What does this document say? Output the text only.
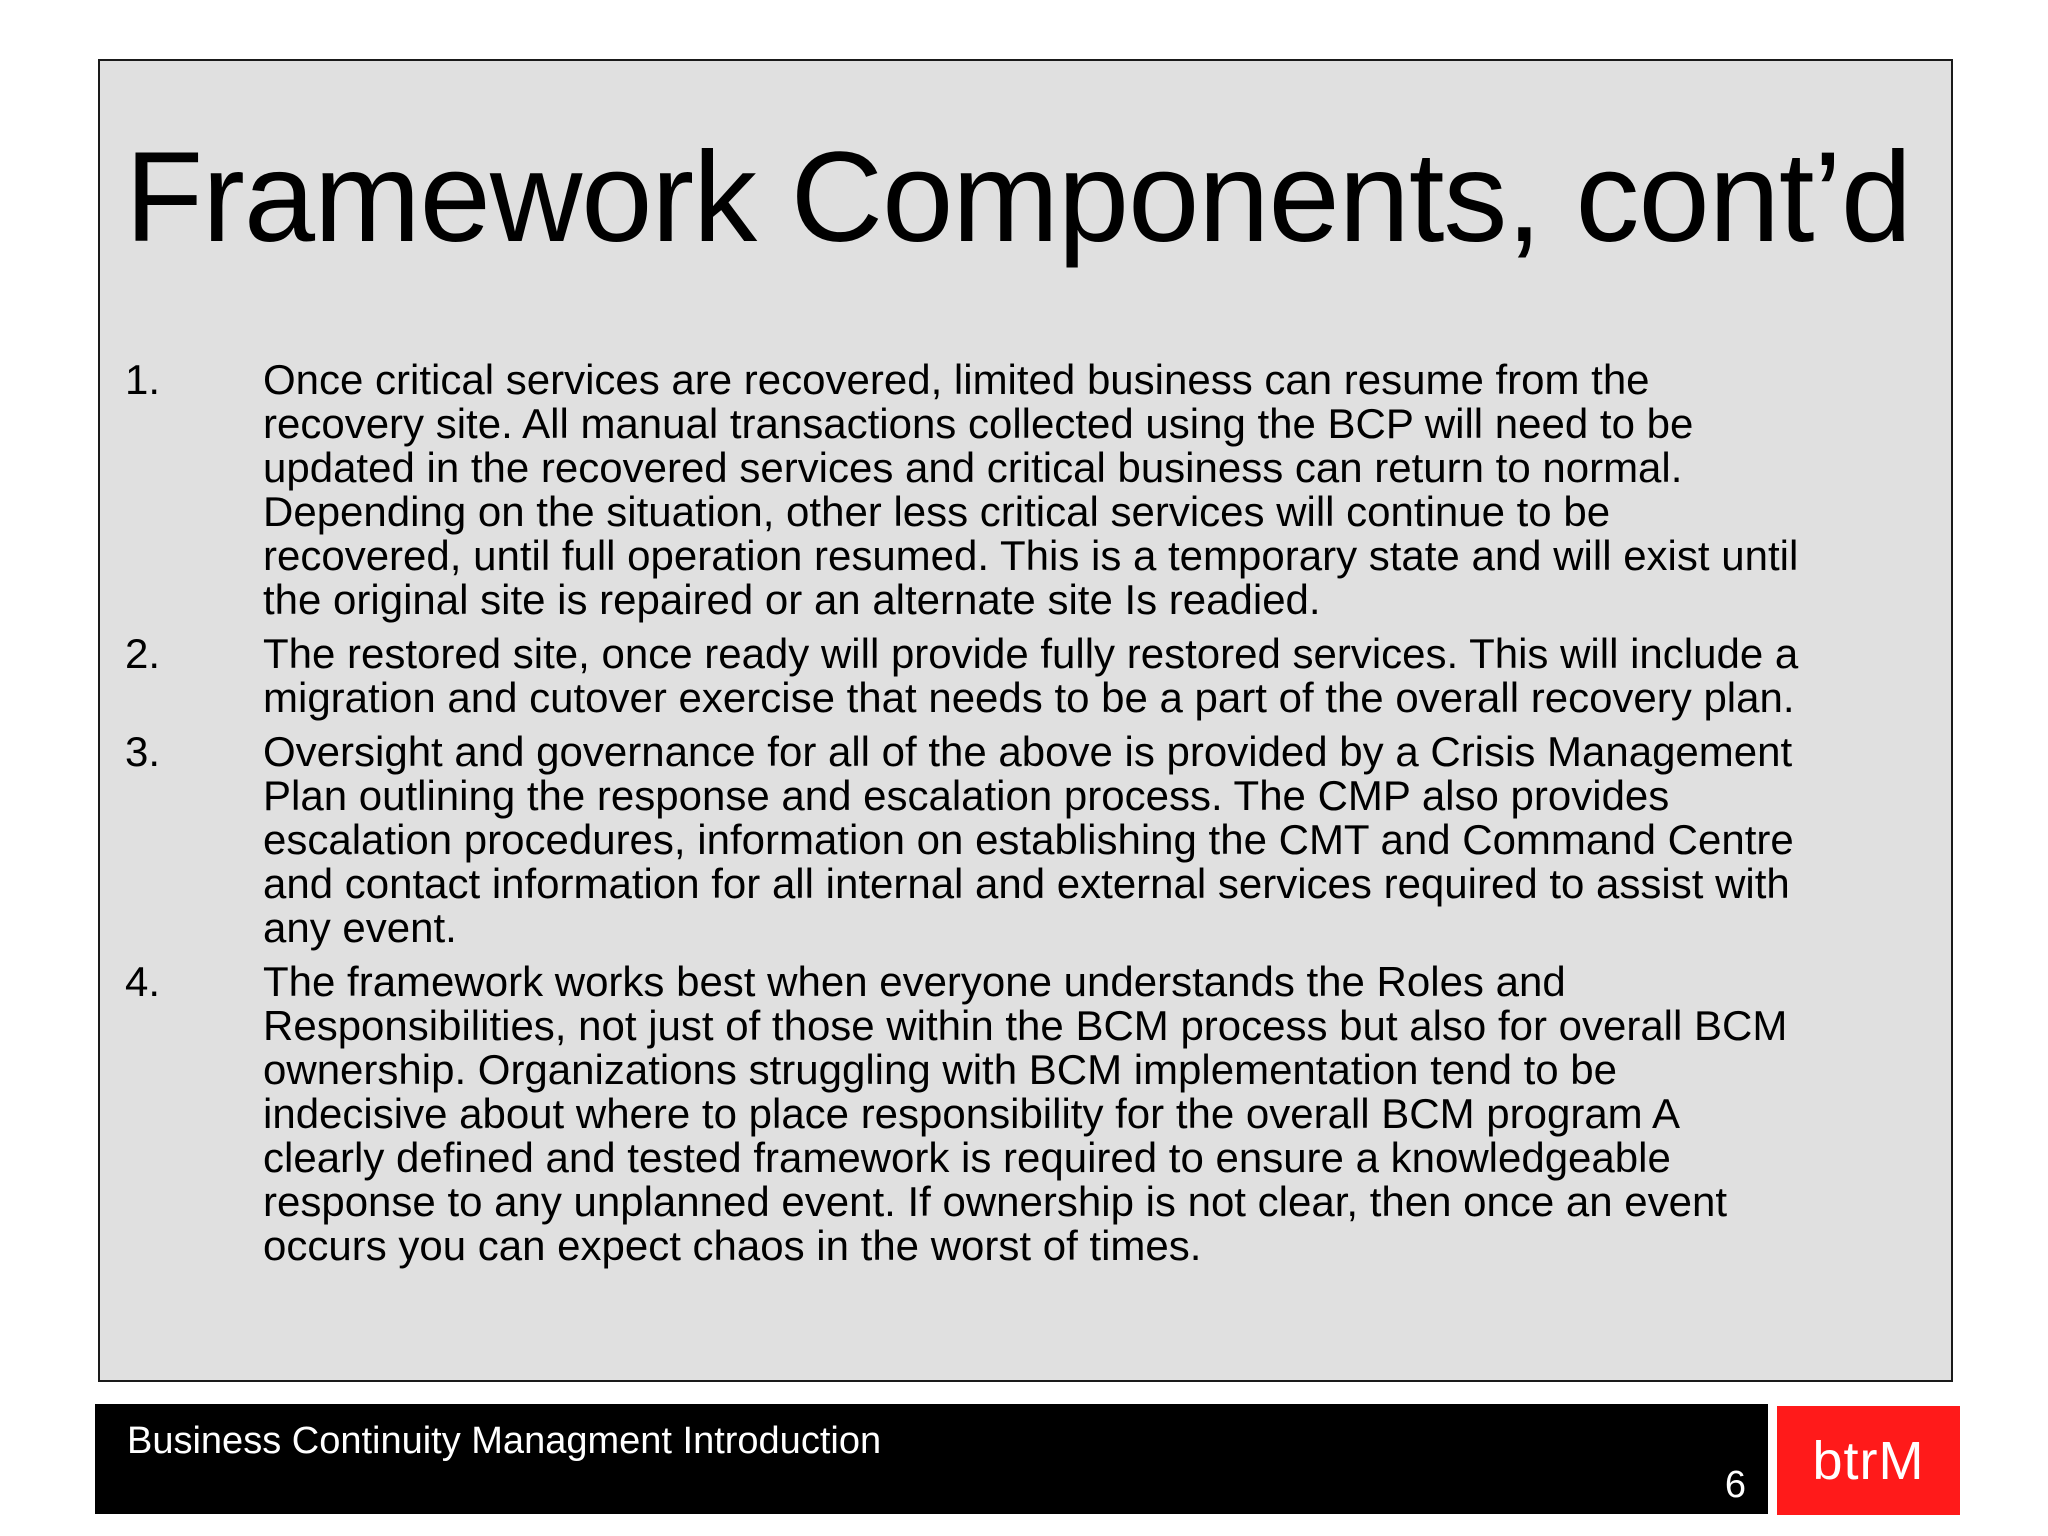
Framework Components, cont’d
1.	Once critical services are recovered, limited business can resume from the
recovery site. All manual transactions collected using the BCP will need to be
updated in the recovered services and critical business can return to normal.
Depending on the situation, other less critical services will continue to be
recovered, until full operation resumed. This is a temporary state and will exist until
the original site is repaired or an alternate site Is readied.
2.	The restored site, once ready will provide fully restored services. This will include a
migration and cutover exercise that needs to be a part of the overall recovery plan.
3.	Oversight and governance for all of the above is provided by a Crisis Management
Plan outlining the response and escalation process. The CMP also provides
escalation procedures, information on establishing the CMT and Command Centre
and contact information for all internal and external services required to assist with
any event.
4.	The framework works best when everyone understands the Roles and
Responsibilities, not just of those within the BCM process but also for overall BCM
ownership. Organizations struggling with BCM implementation tend to be
indecisive about where to place responsibility for the overall BCM program A
clearly defined and tested framework is required to ensure a knowledgeable
response to any unplanned event. If ownership is not clear, then once an event
occurs you can expect chaos in the worst of times.
Business Continuity Managment Introduction
6 btrM
